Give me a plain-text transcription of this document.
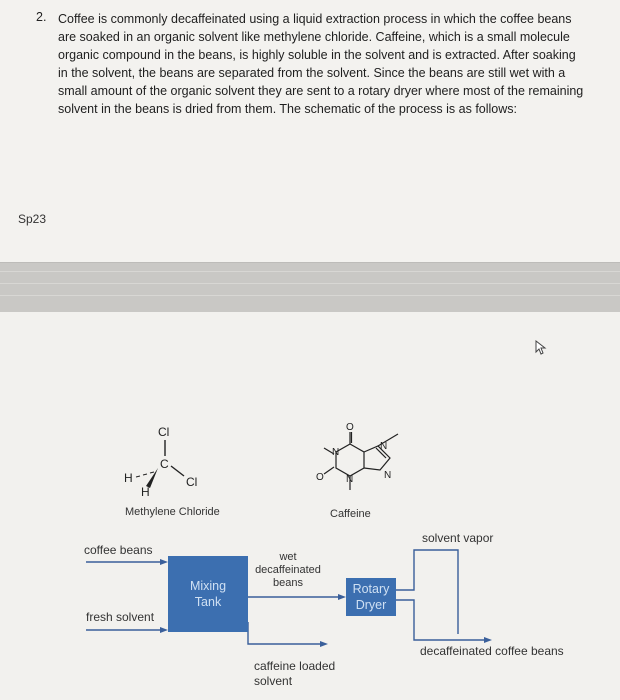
2. Coffee is commonly decaffeinated using a liquid extraction process in which the coffee beans are soaked in an organic solvent like methylene chloride. Caffeine, which is a small molecule organic compound in the beans, is highly soluble in the solvent and is extracted. After soaking in the solvent, the beans are separated from the solvent. Since the beans are still wet with a small amount of the organic solvent they are sent to a rotary dryer where most of the remaining solvent in the beans is dried from them. The schematic of the process is as follows:
Sp23
Cl
C
Cl
H
H
Methylene Chloride
O
N
O N
N
N
Caffeine
Mixing
Tank
Rotary
Dryer
coffee beans
fresh solvent
wet
decaffeinated
beans
solvent vapor
decaffeinated coffee beans
caffeine loaded
solvent
